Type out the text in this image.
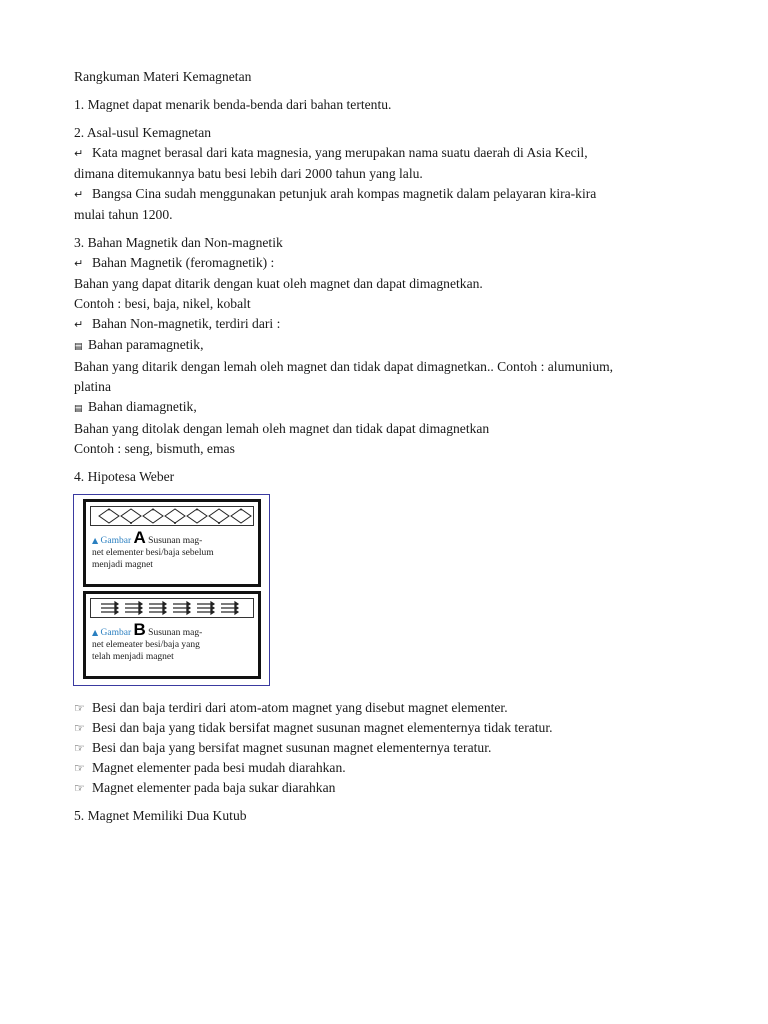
Rangkuman Materi Kemagnetan

1. Magnet dapat menarik benda-benda dari bahan tertentu.

2. Asal-usul Kemagnetan
↵ Kata magnet berasal dari kata magnesia, yang merupakan nama suatu daerah di Asia Kecil,
dimana ditemukannya batu besi lebih dari 2000 tahun yang lalu.
↵ Bangsa Cina sudah menggunakan petunjuk arah kompas magnetik dalam pelayaran kira-kira
mulai tahun 1200.

3. Bahan Magnetik dan Non-magnetik
↵ Bahan Magnetik (feromagnetik) :
Bahan yang dapat ditarik dengan kuat oleh magnet dan dapat dimagnetkan.
Contoh : besi, baja, nikel, kobalt
↵ Bahan Non-magnetik, terdiri dari :
▤ Bahan paramagnetik,
Bahan yang ditarik dengan lemah oleh magnet dan tidak dapat dimagnetkan.. Contoh : alumunium,
platina
▤ Bahan diamagnetik,
Bahan yang ditolak dengan lemah oleh magnet dan tidak dapat dimagnetkan
Contoh : seng, bismuth, emas

4. Hipotesa Weber

▲ Gambar A Susunan mag-
net elementer besi/baja sebelum
menjadi magnet
▲ Gambar B Susunan mag-
net elemeater besi/baja yang
telah menjadi magnet

☞ Besi dan baja terdiri dari atom-atom magnet yang disebut magnet elementer.
☞ Besi dan baja yang tidak bersifat magnet susunan magnet elementernya tidak teratur.
☞ Besi dan baja yang bersifat magnet susunan magnet elementernya teratur.
☞ Magnet elementer pada besi mudah diarahkan.
☞ Magnet elementer pada baja sukar diarahkan

5. Magnet Memiliki Dua Kutub
